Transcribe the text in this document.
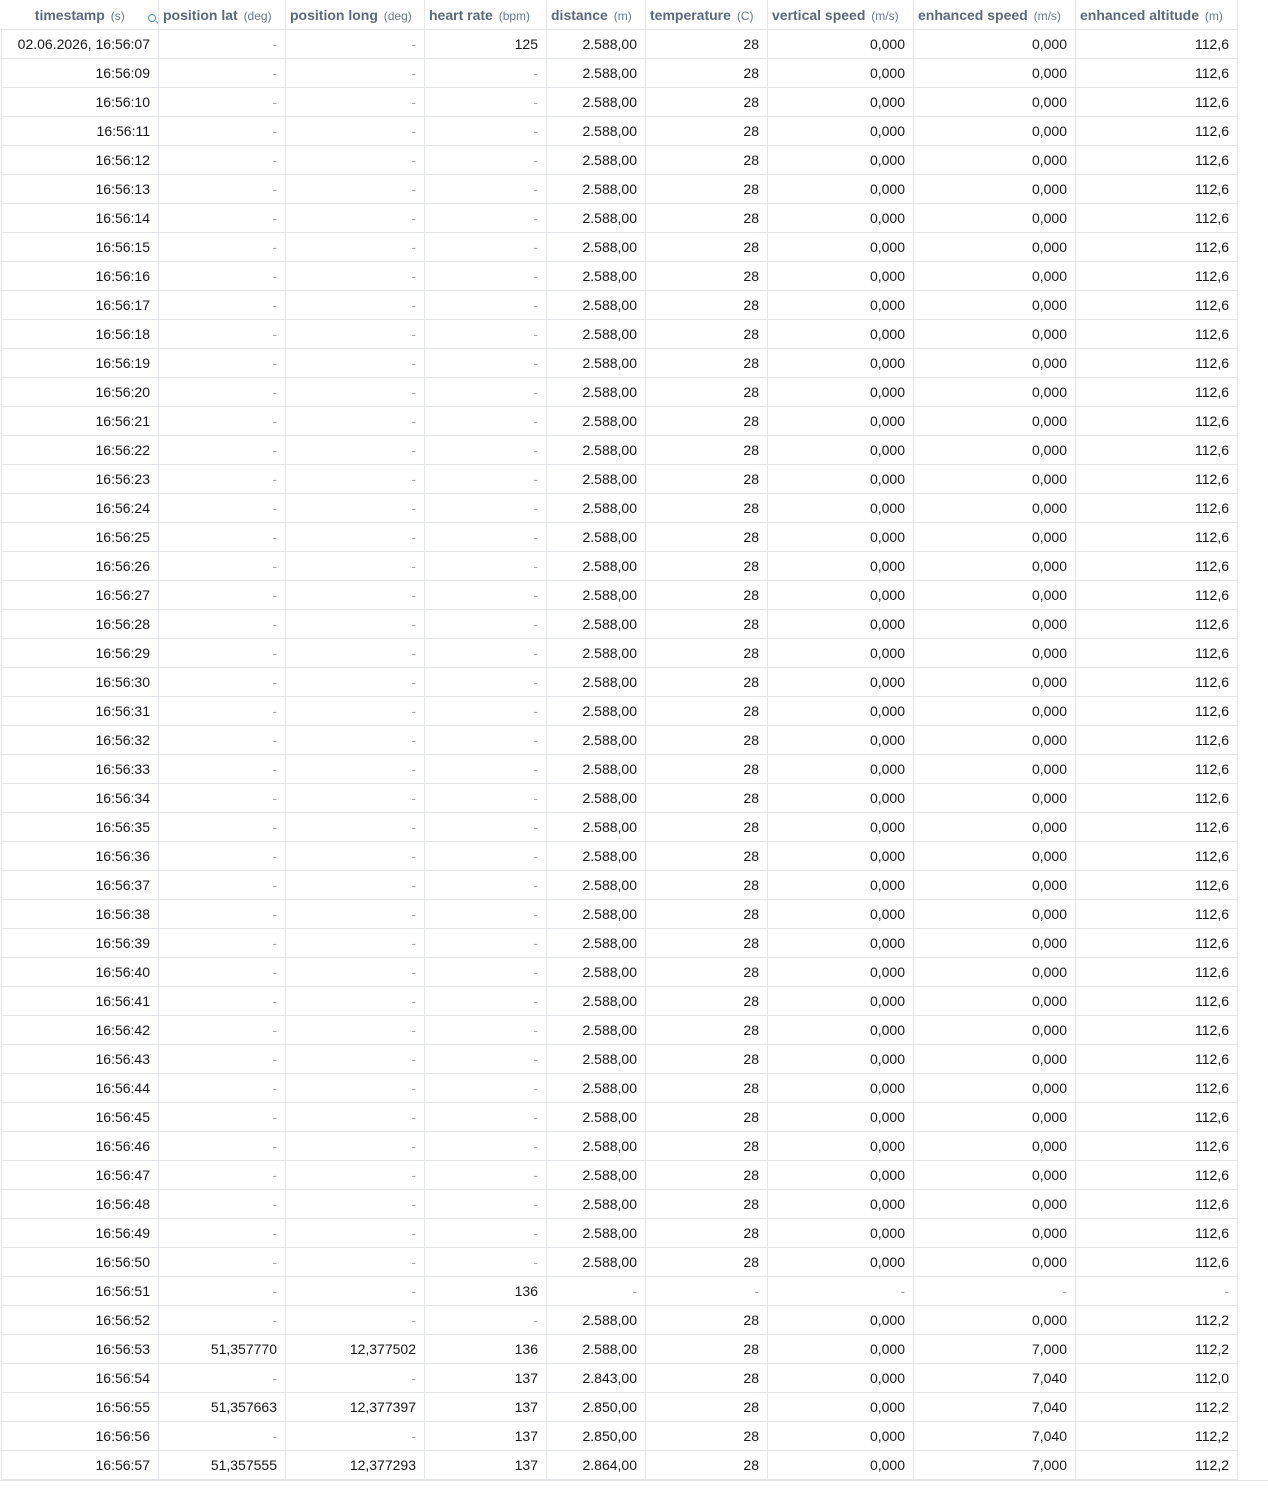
timestamp (s)	position lat (deg)	position long (deg)	heart rate (bpm)	distance (m)	temperature (C)	vertical speed (m/s)	enhanced speed (m/s)	enhanced altitude (m)
02.06.2026, 16:56:07	-	-	125	2.588,00	28	0,000	0,000	112,6
16:56:09	-	-	-	2.588,00	28	0,000	0,000	112,6
16:56:10	-	-	-	2.588,00	28	0,000	0,000	112,6
16:56:11	-	-	-	2.588,00	28	0,000	0,000	112,6
16:56:12	-	-	-	2.588,00	28	0,000	0,000	112,6
16:56:13	-	-	-	2.588,00	28	0,000	0,000	112,6
16:56:14	-	-	-	2.588,00	28	0,000	0,000	112,6
16:56:15	-	-	-	2.588,00	28	0,000	0,000	112,6
16:56:16	-	-	-	2.588,00	28	0,000	0,000	112,6
16:56:17	-	-	-	2.588,00	28	0,000	0,000	112,6
16:56:18	-	-	-	2.588,00	28	0,000	0,000	112,6
16:56:19	-	-	-	2.588,00	28	0,000	0,000	112,6
16:56:20	-	-	-	2.588,00	28	0,000	0,000	112,6
16:56:21	-	-	-	2.588,00	28	0,000	0,000	112,6
16:56:22	-	-	-	2.588,00	28	0,000	0,000	112,6
16:56:23	-	-	-	2.588,00	28	0,000	0,000	112,6
16:56:24	-	-	-	2.588,00	28	0,000	0,000	112,6
16:56:25	-	-	-	2.588,00	28	0,000	0,000	112,6
16:56:26	-	-	-	2.588,00	28	0,000	0,000	112,6
16:56:27	-	-	-	2.588,00	28	0,000	0,000	112,6
16:56:28	-	-	-	2.588,00	28	0,000	0,000	112,6
16:56:29	-	-	-	2.588,00	28	0,000	0,000	112,6
16:56:30	-	-	-	2.588,00	28	0,000	0,000	112,6
16:56:31	-	-	-	2.588,00	28	0,000	0,000	112,6
16:56:32	-	-	-	2.588,00	28	0,000	0,000	112,6
16:56:33	-	-	-	2.588,00	28	0,000	0,000	112,6
16:56:34	-	-	-	2.588,00	28	0,000	0,000	112,6
16:56:35	-	-	-	2.588,00	28	0,000	0,000	112,6
16:56:36	-	-	-	2.588,00	28	0,000	0,000	112,6
16:56:37	-	-	-	2.588,00	28	0,000	0,000	112,6
16:56:38	-	-	-	2.588,00	28	0,000	0,000	112,6
16:56:39	-	-	-	2.588,00	28	0,000	0,000	112,6
16:56:40	-	-	-	2.588,00	28	0,000	0,000	112,6
16:56:41	-	-	-	2.588,00	28	0,000	0,000	112,6
16:56:42	-	-	-	2.588,00	28	0,000	0,000	112,6
16:56:43	-	-	-	2.588,00	28	0,000	0,000	112,6
16:56:44	-	-	-	2.588,00	28	0,000	0,000	112,6
16:56:45	-	-	-	2.588,00	28	0,000	0,000	112,6
16:56:46	-	-	-	2.588,00	28	0,000	0,000	112,6
16:56:47	-	-	-	2.588,00	28	0,000	0,000	112,6
16:56:48	-	-	-	2.588,00	28	0,000	0,000	112,6
16:56:49	-	-	-	2.588,00	28	0,000	0,000	112,6
16:56:50	-	-	-	2.588,00	28	0,000	0,000	112,6
16:56:51	-	-	136	-	-	-	-	-
16:56:52	-	-	-	2.588,00	28	0,000	0,000	112,2
16:56:53	51,357770	12,377502	136	2.588,00	28	0,000	7,000	112,2
16:56:54	-	-	137	2.843,00	28	0,000	7,040	112,0
16:56:55	51,357663	12,377397	137	2.850,00	28	0,000	7,040	112,2
16:56:56	-	-	137	2.850,00	28	0,000	7,040	112,2
16:56:57	51,357555	12,377293	137	2.864,00	28	0,000	7,000	112,2
